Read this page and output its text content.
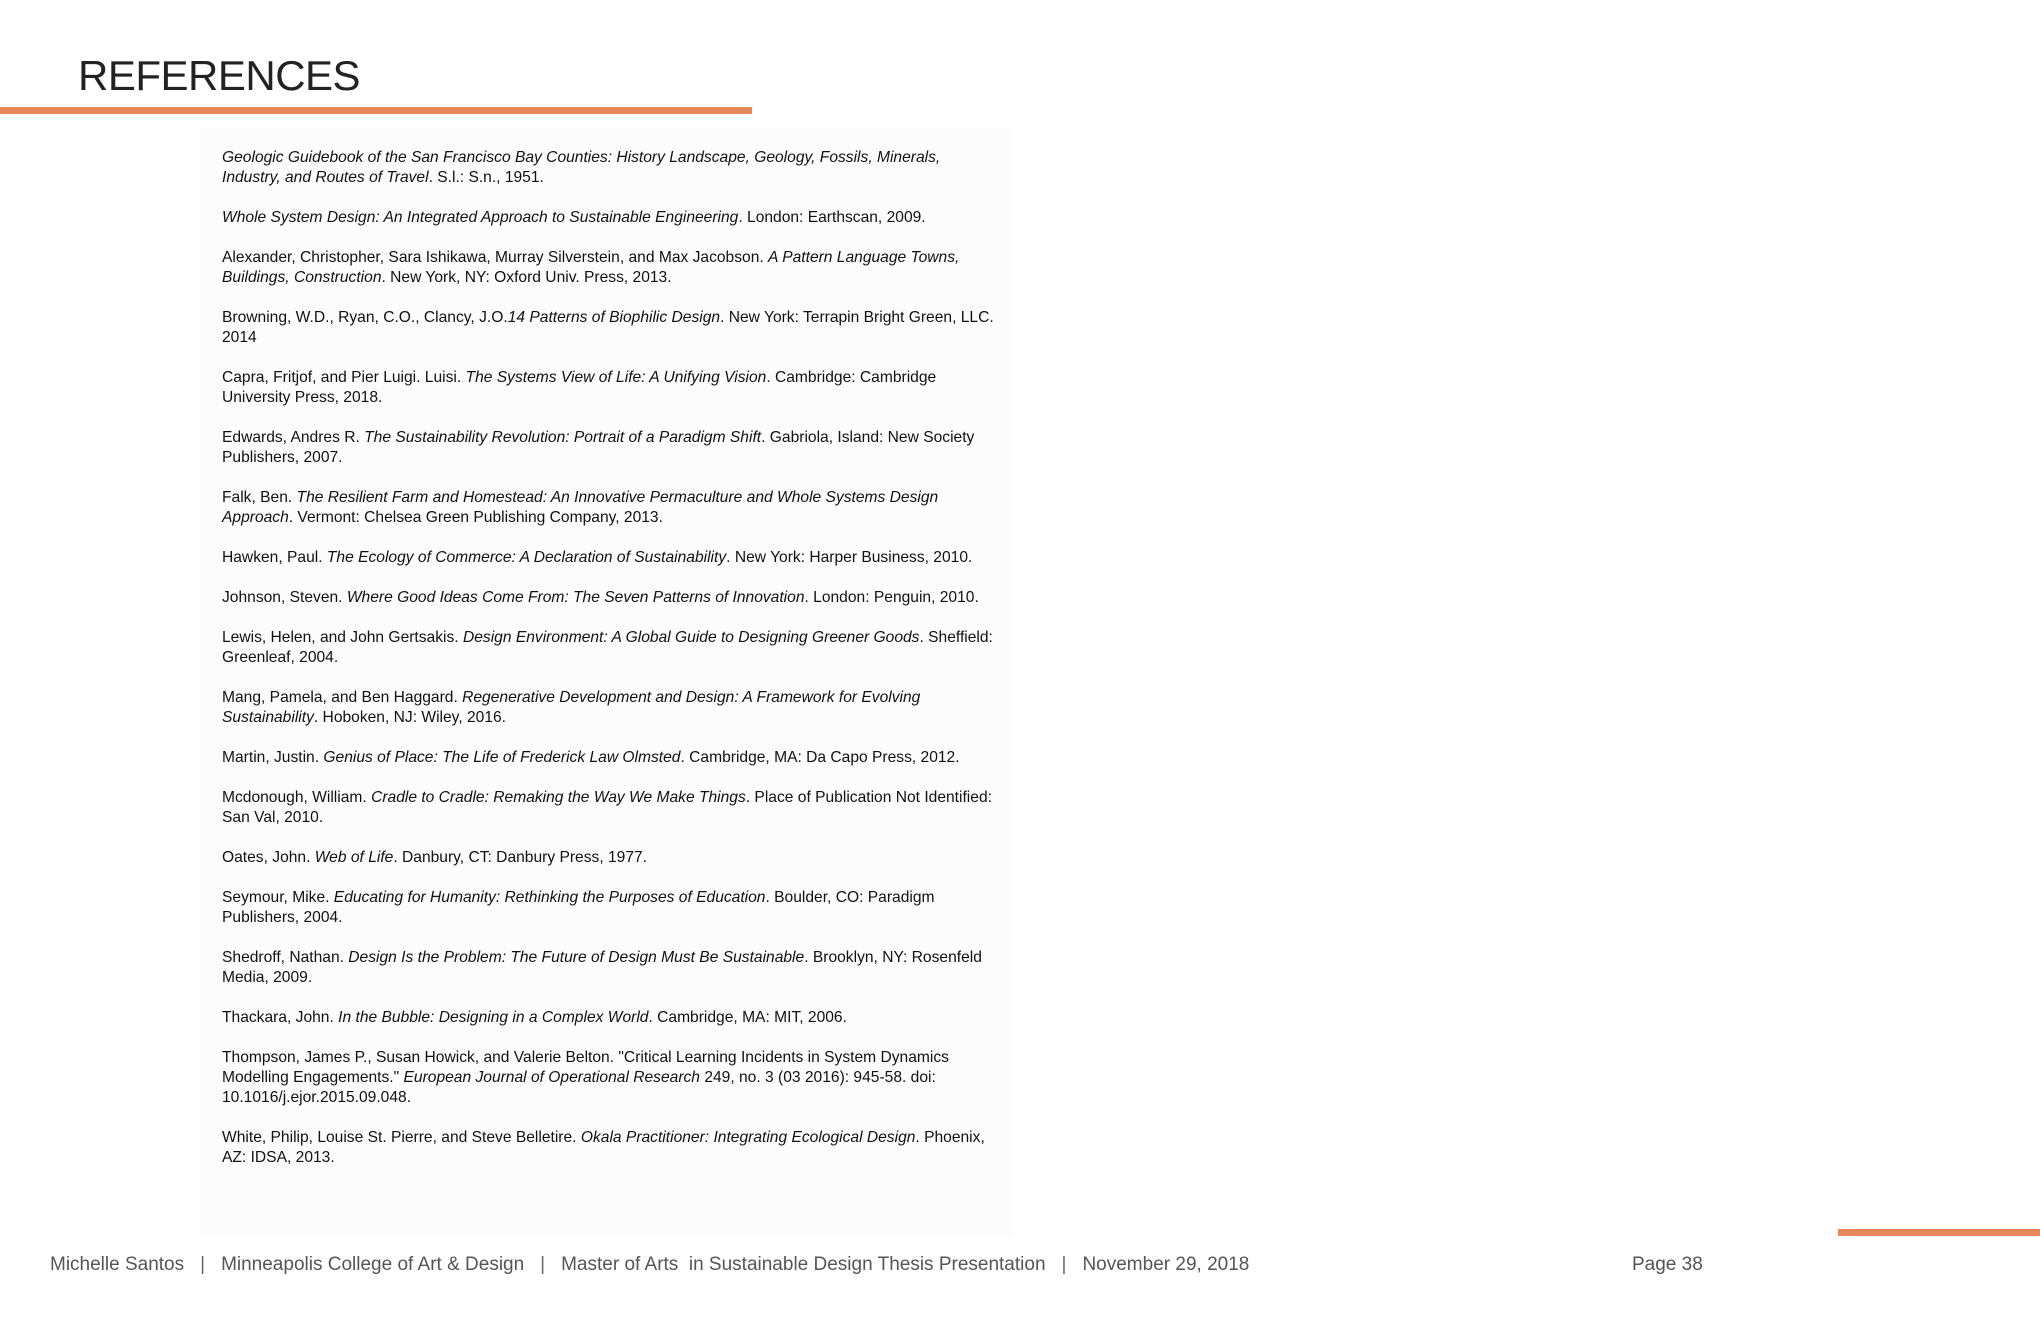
REFERENCES
Geologic Guidebook of the San Francisco Bay Counties: History Landscape, Geology, Fossils, Minerals, Industry, and Routes of Travel. S.l.: S.n., 1951.
Whole System Design: An Integrated Approach to Sustainable Engineering. London: Earthscan, 2009.
Alexander, Christopher, Sara Ishikawa, Murray Silverstein, and Max Jacobson. A Pattern Language Towns, Buildings, Construction. New York, NY: Oxford Univ. Press, 2013.
Browning, W.D., Ryan, C.O., Clancy, J.O.14 Patterns of Biophilic Design. New York: Terrapin Bright Green, LLC. 2014
Capra, Fritjof, and Pier Luigi. Luisi. The Systems View of Life: A Unifying Vision. Cambridge: Cambridge University Press, 2018.
Edwards, Andres R. The Sustainability Revolution: Portrait of a Paradigm Shift. Gabriola, Island: New Society Publishers, 2007.
Falk, Ben. The Resilient Farm and Homestead: An Innovative Permaculture and Whole Systems Design Approach. Vermont: Chelsea Green Publishing Company, 2013.
Hawken, Paul. The Ecology of Commerce: A Declaration of Sustainability. New York: Harper Business, 2010.
Johnson, Steven. Where Good Ideas Come From: The Seven Patterns of Innovation. London: Penguin, 2010.
Lewis, Helen, and John Gertsakis. Design Environment: A Global Guide to Designing Greener Goods. Sheffield: Greenleaf, 2004.
Mang, Pamela, and Ben Haggard. Regenerative Development and Design: A Framework for Evolving Sustainability. Hoboken, NJ: Wiley, 2016.
Martin, Justin. Genius of Place: The Life of Frederick Law Olmsted. Cambridge, MA: Da Capo Press, 2012.
Mcdonough, William. Cradle to Cradle: Remaking the Way We Make Things. Place of Publication Not Identified: San Val, 2010.
Oates, John. Web of Life. Danbury, CT: Danbury Press, 1977.
Seymour, Mike. Educating for Humanity: Rethinking the Purposes of Education. Boulder, CO: Paradigm Publishers, 2004.
Shedroff, Nathan. Design Is the Problem: The Future of Design Must Be Sustainable. Brooklyn, NY: Rosenfeld Media, 2009.
Thackara, John. In the Bubble: Designing in a Complex World. Cambridge, MA: MIT, 2006.
Thompson, James P., Susan Howick, and Valerie Belton. "Critical Learning Incidents in System Dynamics Modelling Engagements." European Journal of Operational Research 249, no. 3 (03 2016): 945-58. doi: 10.1016/j.ejor.2015.09.048.
White, Philip, Louise St. Pierre, and Steve Belletire. Okala Practitioner: Integrating Ecological Design. Phoenix, AZ: IDSA, 2013.
Michelle Santos | Minneapolis College of Art & Design | Master of Arts  in Sustainable Design Thesis Presentation | November 29, 2018	Page 38
